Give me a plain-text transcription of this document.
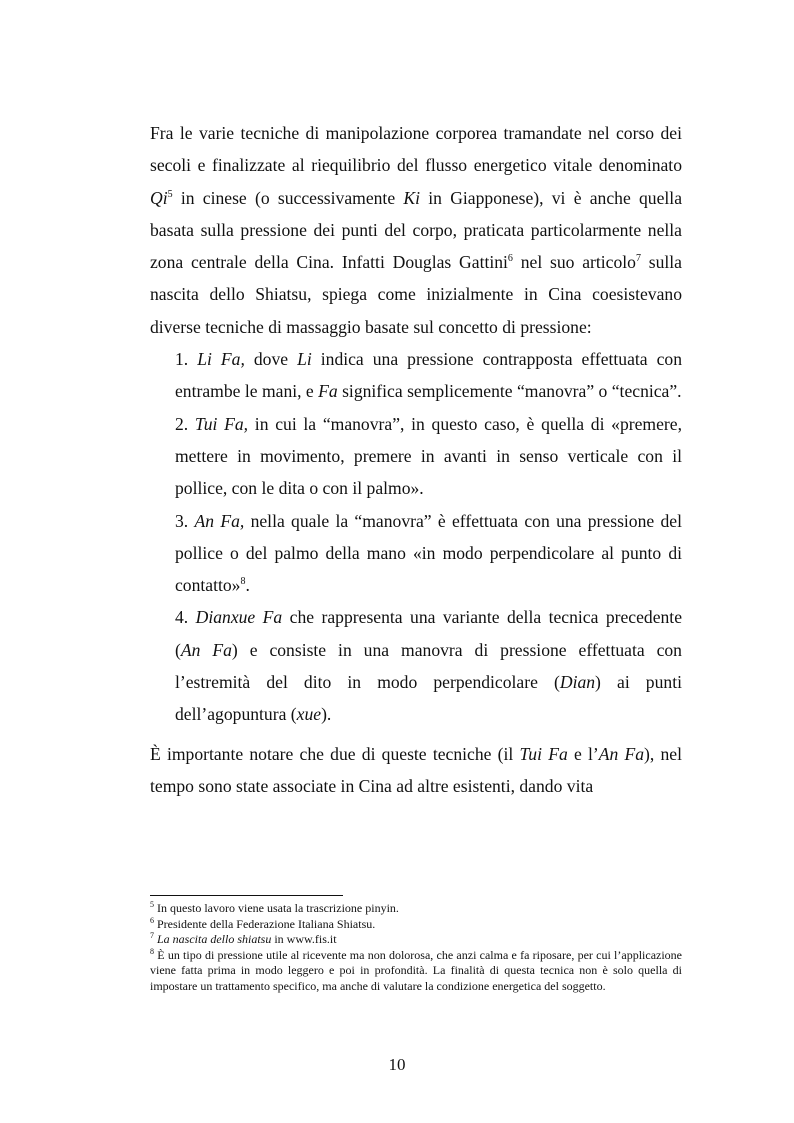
Fra le varie tecniche di manipolazione corporea tramandate nel corso dei secoli e finalizzate al riequilibrio del flusso energetico vitale denominato Qi$^5$ in cinese (o successivamente Ki in Giapponese), vi è anche quella basata sulla pressione dei punti del corpo, praticata particolarmente nella zona centrale della Cina. Infatti Douglas Gattini$^6$ nel suo articolo$^7$ sulla nascita dello Shiatsu, spiega come inizialmente in Cina coesistevano diverse tecniche di massaggio basate sul concetto di pressione:

1. Li Fa, dove Li indica una pressione contrapposta effettuata con entrambe le mani, e Fa significa semplicemente “manovra” o “tecnica”.
2. Tui Fa, in cui la “manovra”, in questo caso, è quella di «premere, mettere in movimento, premere in avanti in senso verticale con il pollice, con le dita o con il palmo».
3. An Fa, nella quale la “manovra” è effettuata con una pressione del pollice o del palmo della mano «in modo perpendicolare al punto di contatto»$^8$.
4. Dianxue Fa che rappresenta una variante della tecnica precedente (An Fa) e consiste in una manovra di pressione effettuata con l’estremità del dito in modo perpendicolare (Dian) ai punti dell’agopuntura (xue).

È importante notare che due di queste tecniche (il Tui Fa e l’An Fa), nel tempo sono state associate in Cina ad altre esistenti, dando vita

$^5$ In questo lavoro viene usata la trascrizione pinyin.

$^6$ Presidente della Federazione Italiana Shiatsu.

$^7$ La nascita dello shiatsu in www.fis.it

$^8$ È un tipo di pressione utile al ricevente ma non dolorosa, che anzi calma e fa riposare, per cui l’applicazione viene fatta prima in modo leggero e poi in profondità. La finalità di questa tecnica non è solo quella di impostare un trattamento specifico, ma anche di valutare la condizione energetica del soggetto.

10
